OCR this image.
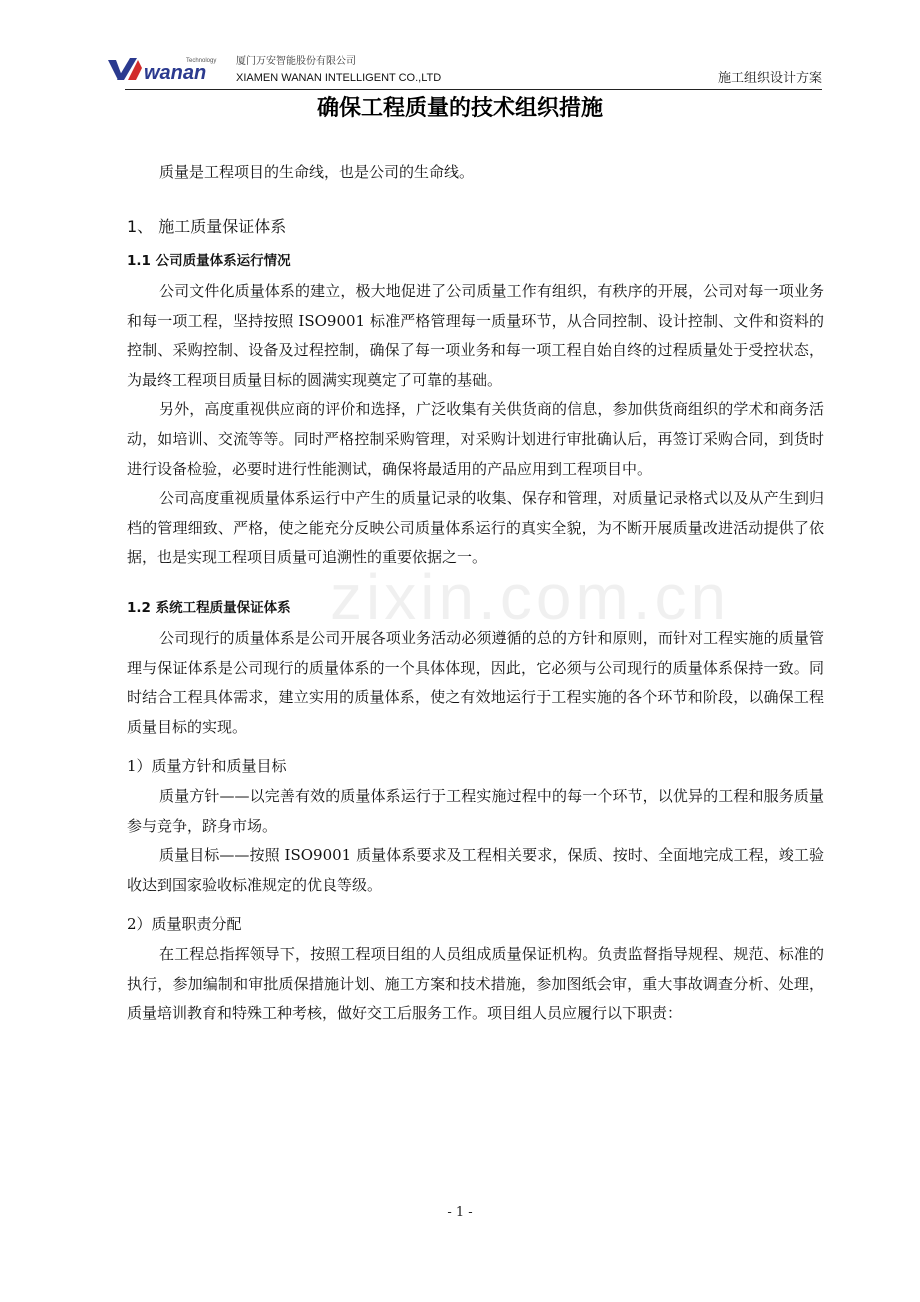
wanan
Technology 厦门万安智能股份有限公司
XIAMEN WANAN INTELLIGENT CO.,LTD	施工组织设计方案
确保工程质量的技术组织措施

质量是工程项目的生命线，也是公司的生命线。

1、 施工质量保证体系
1.1 公司质量体系运行情况

公司文件化质量体系的建立，极大地促进了公司质量工作有组织，有秩序的开展，公司对每一项业务和每一项工程，坚持按照 ISO9001 标准严格管理每一质量环节，从合同控制、设计控制、文件和资料的控制、采购控制、设备及过程控制，确保了每一项业务和每一项工程自始自终的过程质量处于受控状态，为最终工程项目质量目标的圆满实现奠定了可靠的基础。

另外，高度重视供应商的评价和选择，广泛收集有关供货商的信息，参加供货商组织的学术和商务活动，如培训、交流等等。同时严格控制采购管理，对采购计划进行审批确认后，再签订采购合同，到货时进行设备检验，必要时进行性能测试，确保将最适用的产品应用到工程项目中。

公司高度重视质量体系运行中产生的质量记录的收集、保存和管理，对质量记录格式以及从产生到归档的管理细致、严格，使之能充分反映公司质量体系运行的真实全貌，为不断开展质量改进活动提供了依据，也是实现工程项目质量可追溯性的重要依据之一。

1.2 系统工程质量保证体系

公司现行的质量体系是公司开展各项业务活动必须遵循的总的方针和原则，而针对工程实施的质量管理与保证体系是公司现行的质量体系的一个具体体现，因此，它必须与公司现行的质量体系保持一致。同时结合工程具体需求，建立实用的质量体系，使之有效地运行于工程实施的各个环节和阶段，以确保工程质量目标的实现。

1）质量方针和质量目标

质量方针——以完善有效的质量体系运行于工程实施过程中的每一个环节，以优异的工程和服务质量参与竞争，跻身市场。

质量目标——按照 ISO9001 质量体系要求及工程相关要求，保质、按时、全面地完成工程，竣工验收达到国家验收标准规定的优良等级。

2）质量职责分配

在工程总指挥领导下，按照工程项目组的人员组成质量保证机构。负责监督指导规程、规范、标准的执行，参加编制和审批质保措施计划、施工方案和技术措施，参加图纸会审，重大事故调查分析、处理，质量培训教育和特殊工种考核，做好交工后服务工作。项目组人员应履行以下职责：

zixin.com.cn
- 1 -
